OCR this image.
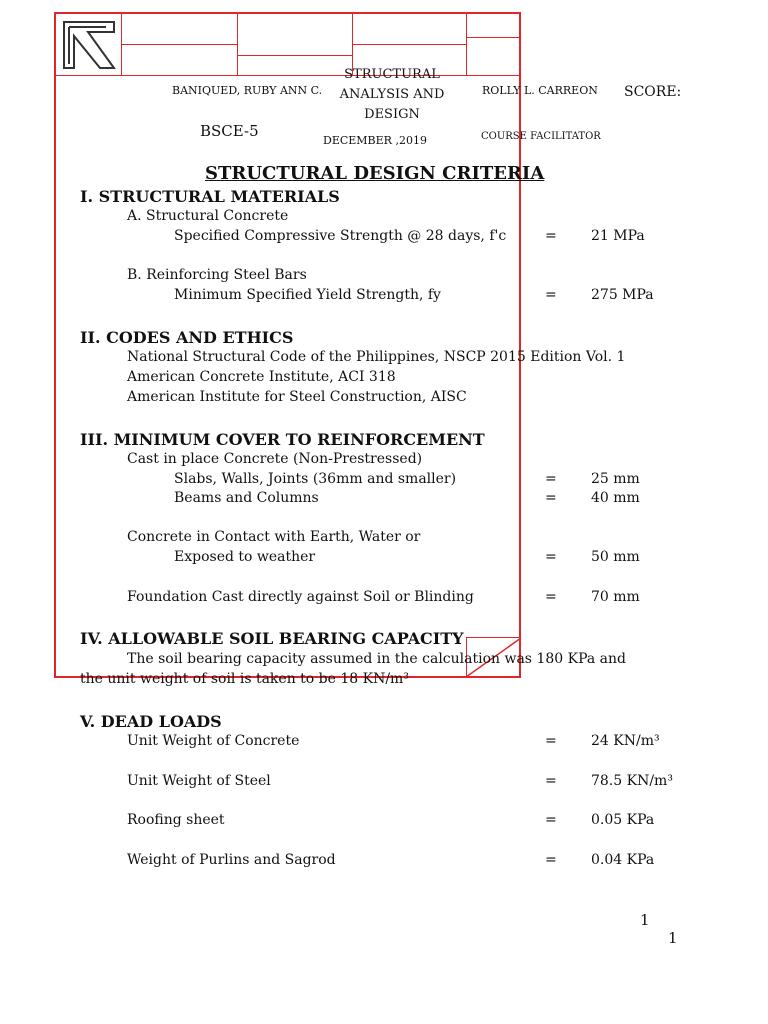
BANIQUED, RUBY ANN C.
STRUCTURAL
ANALYSIS AND
DESIGN
BSCE-5
DECEMBER ,2019
ROLLY L. CARREON
COURSE FACILITATOR
SCORE:
STRUCTURAL DESIGN CRITERIA
I. STRUCTURAL MATERIALS
A. Structural Concrete
Specified Compressive Strength @ 28 days, f'c	= 21 MPa
B. Reinforcing Steel Bars
Minimum Specified Yield Strength, fy	= 275 MPa
II. CODES AND ETHICS
National Structural Code of the Philippines, NSCP 2015 Edition Vol. 1
American Concrete Institute, ACI 318
American Institute for Steel Construction, AISC
III. MINIMUM COVER TO REINFORCEMENT
Cast in place Concrete (Non-Prestressed)
Slabs, Walls, Joints (36mm and smaller)	= 25 mm
Beams and Columns	= 40 mm
Concrete in Contact with Earth, Water or
Exposed to weather	= 50 mm
Foundation Cast directly against Soil or Blinding	= 70 mm
IV. ALLOWABLE SOIL BEARING CAPACITY
The soil bearing capacity assumed in the calculation was 180 KPa and
the unit weight of soil is taken to be 18 KN/m³
V. DEAD LOADS
Unit Weight of Concrete	= 24 KN/m³
Unit Weight of Steel	= 78.5 KN/m³
Roofing sheet	= 0.05 KPa
Weight of Purlins and Sagrod	= 0.04 KPa
1
1
